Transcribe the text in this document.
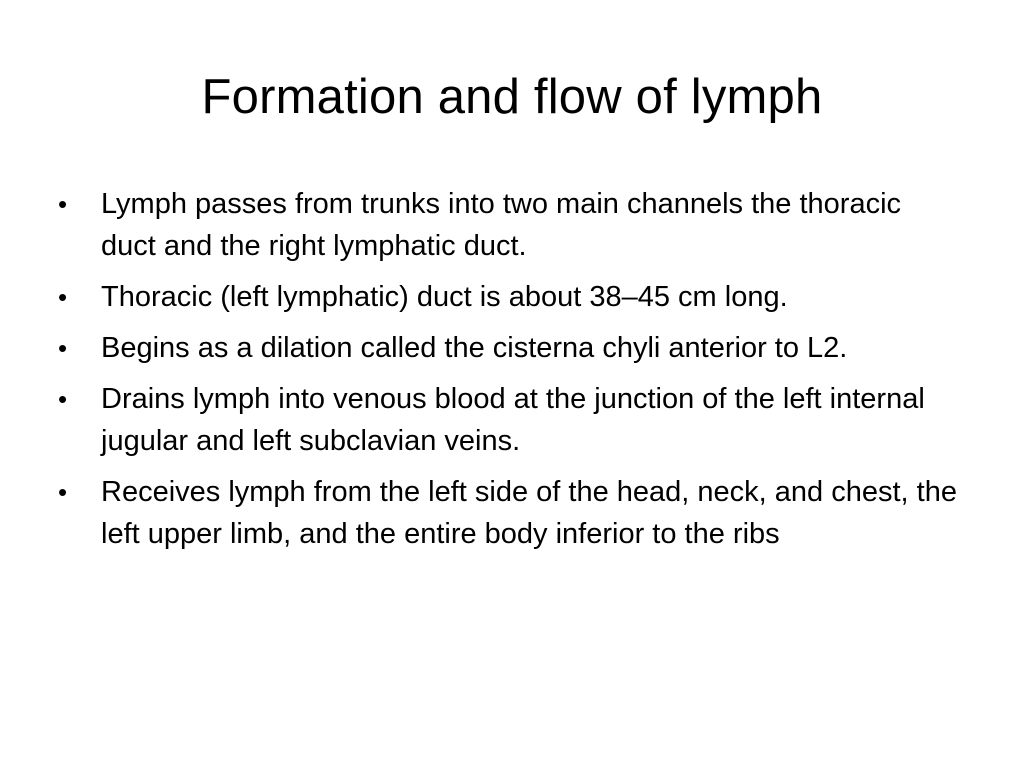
Formation and flow of lymph
•	Lymph passes from trunks into two main channels the thoracic duct and the right lymphatic duct.
•	Thoracic (left lymphatic) duct is about 38–45 cm long.
•	Begins as a dilation called the cisterna chyli anterior to L2.
•	Drains lymph into venous blood at the junction of the left internal jugular and left subclavian veins.
•	Receives lymph from the left side of the head, neck, and chest, the left upper limb, and the entire body inferior to the ribs
